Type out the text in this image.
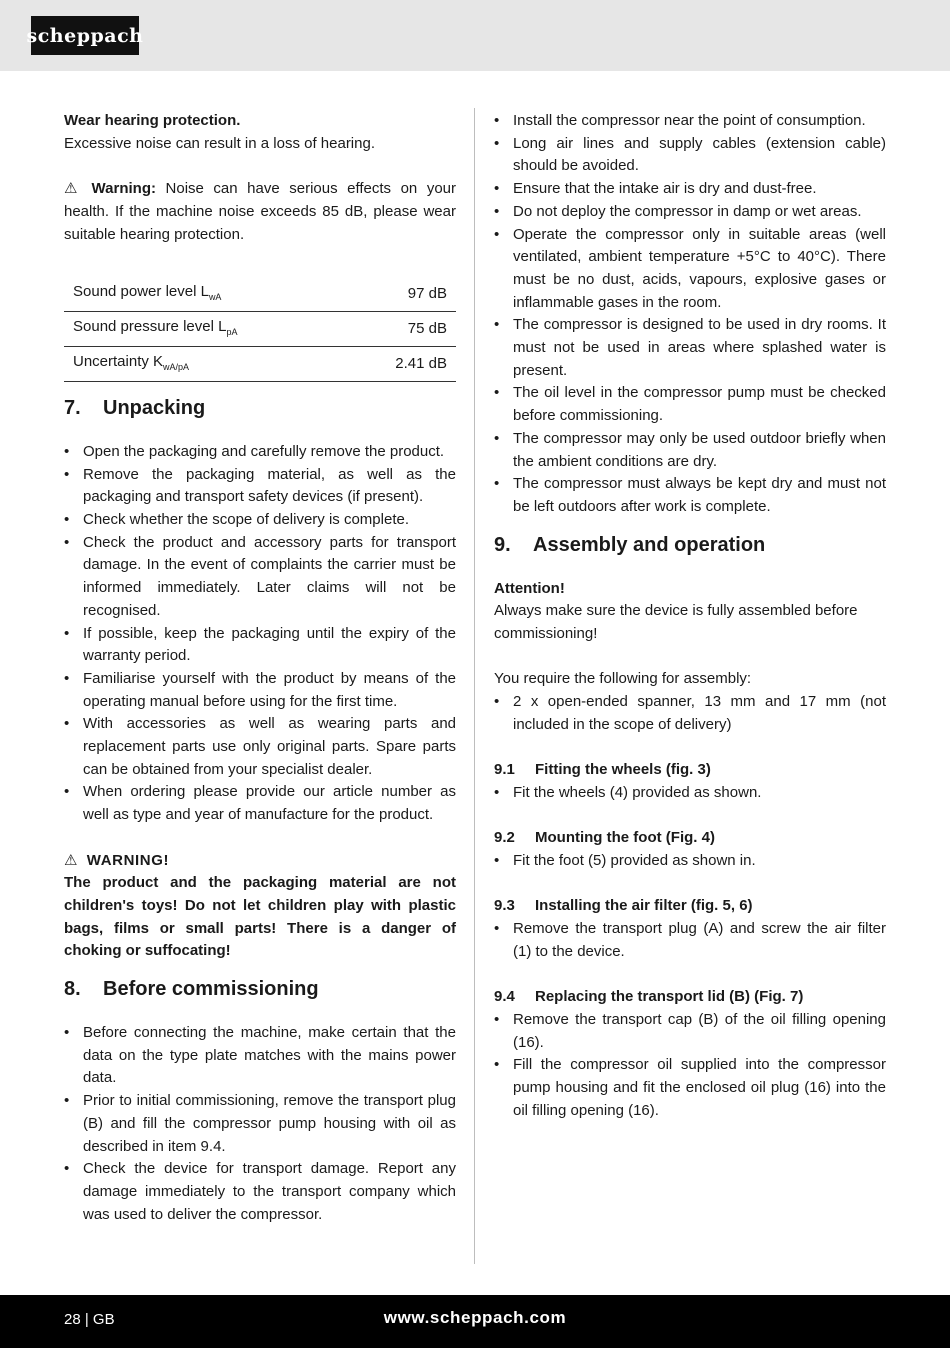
scheppach

Wear hearing protection.

Excessive noise can result in a loss of hearing.

⚠ Warning: Noise can have serious effects on your health. If the machine noise exceeds 85 dB, please wear suitable hearing protection.

Sound power level $L_{wA}$	97 dB
Sound pressure level $L_{pA}$	75 dB
Uncertainty $K_{wA/pA}$	2.41 dB
7.	Unpacking
• Open the packaging and carefully remove the product.
• Remove the packaging material, as well as the packaging and transport safety devices (if present).
• Check whether the scope of delivery is complete.
• Check the product and accessory parts for transport damage. In the event of complaints the carrier must be informed immediately. Later claims will not be recognised.
• If possible, keep the packaging until the expiry of the warranty period.
• Familiarise yourself with the product by means of the operating manual before using for the first time.
• With accessories as well as wearing parts and replacement parts use only original parts. Spare parts can be obtained from your specialist dealer.
• When ordering please provide our article number as well as type and year of manufacture for the product.

⚠ WARNING!

The product and the packaging material are not children's toys! Do not let children play with plastic bags, films or small parts! There is a danger of choking or suffocating!

8.	Before commissioning
• Before connecting the machine, make certain that the data on the type plate matches with the mains power data.
• Prior to initial commissioning, remove the transport plug (B) and fill the compressor pump housing with oil as described in item 9.4.
• Check the device for transport damage. Report any damage immediately to the transport company which was used to deliver the compressor.
• Install the compressor near the point of consumption.
• Long air lines and supply cables (extension cable) should be avoided.
• Ensure that the intake air is dry and dust-free.
• Do not deploy the compressor in damp or wet areas.
• Operate the compressor only in suitable areas (well ventilated, ambient temperature +5°C to 40°C). There must be no dust, acids, vapours, explosive gases or inflammable gases in the room.
• The compressor is designed to be used in dry rooms. It must not be used in areas where splashed water is present.
• The oil level in the compressor pump must be checked before commissioning.
• The compressor may only be used outdoor briefly when the ambient conditions are dry.
• The compressor must always be kept dry and must not be left outdoors after work is complete.
9.	Assembly and operation

Attention!

Always make sure the device is fully assembled before commissioning!

You require the following for assembly:

• 2 x open-ended spanner, 13 mm and 17 mm (not included in the scope of delivery)
9.1	Fitting the wheels (fig. 3)
• Fit the wheels (4) provided as shown.
9.2	Mounting the foot (Fig. 4)
• Fit the foot (5) provided as shown in.
9.3	Installing the air filter (fig. 5, 6)
• Remove the transport plug (A) and screw the air filter (1) to the device.
9.4	Replacing the transport lid (B) (Fig. 7)
• Remove the transport cap (B) of the oil filling opening (16).
• Fill the compressor oil supplied into the compressor pump housing and fit the enclosed oil plug (16) into the oil filling opening (16).
28 | GB	www.scheppach.com
